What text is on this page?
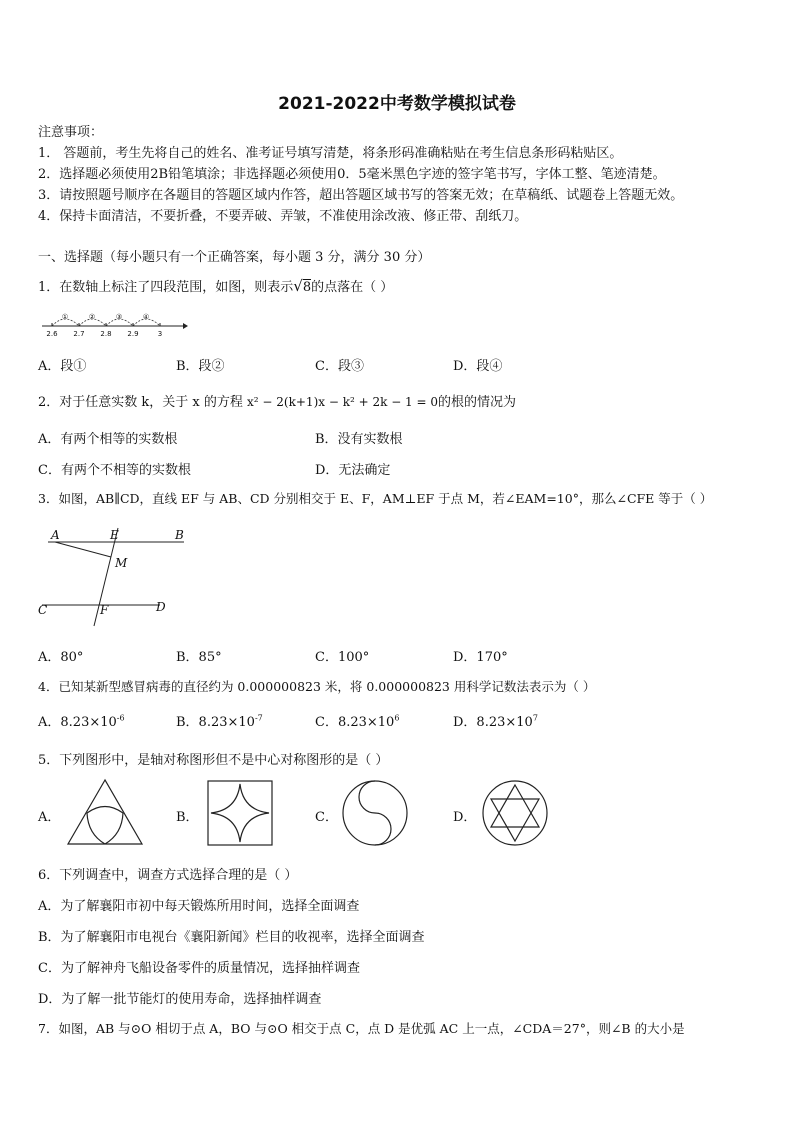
2021-2022中考数学模拟试卷
注意事项：
1． 答题前，考生先将自己的姓名、准考证号填写清楚，将条形码准确粘贴在考生信息条形码粘贴区。
2．选择题必须使用2B铅笔填涂；非选择题必须使用0．5毫米黑色字迹的签字笔书写，字体工整、笔迹清楚。
3．请按照题号顺序在各题目的答题区域内作答，超出答题区域书写的答案无效；在草稿纸、试题卷上答题无效。
4．保持卡面清洁，不要折叠，不要弄破、弄皱，不准使用涂改液、修正带、刮纸刀。
一、选择题（每小题只有一个正确答案，每小题 3 分，满分 30 分）
1．在数轴上标注了四段范围，如图，则表示√8的点落在（ ）
①	②	③	④
2.6 2.7 2.8 2.9	3
A．段①	B．段②	C．段③	D．段④
2．对于任意实数 k，关于 x 的方程 x² − 2(k+1)x − k² + 2k − 1 = 0的根的情况为
A．有两个相等的实数根	B．没有实数根
C．有两个不相等的实数根	D．无法确定
3．如图，AB∥CD，直线 EF 与 AB、CD 分别相交于 E、F，AM⊥EF 于点 M，若∠EAM=10°，那么∠CFE 等于（ ）
A	E	B
M
C	F	D
A．80°	B．85°	C．100°	D．170°
4．已知某新型感冒病毒的直径约为 0.000000823 米，将 0.000000823 用科学记数法表示为（ ）
A．$8.23\times 10^{-6}$	B．$8.23\times 10^{-7}$	C．$8.23\times 10^6$	D．$8.23\times 10^7$
5．下列图形中，是轴对称图形但不是中心对称图形的是（ ）
A．	B．	C．	D．
6．下列调查中，调查方式选择合理的是（ ）
A．为了解襄阳市初中每天锻炼所用时间，选择全面调查
B．为了解襄阳市电视台《襄阳新闻》栏目的收视率，选择全面调查
C．为了解神舟飞船设备零件的质量情况，选择抽样调查
D．为了解一批节能灯的使用寿命，选择抽样调查
7．如图，AB 与⊙O 相切于点 A，BO 与⊙O 相交于点 C，点 D 是优弧 AC 上一点，∠CDA＝27°，则∠B 的大小是
